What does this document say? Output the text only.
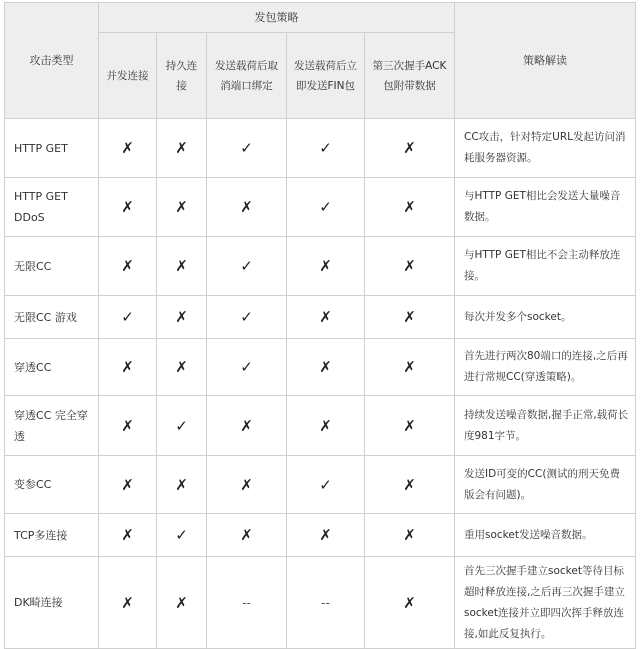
攻击类型	发包策略					策略解读
	并发连接	持久连接	发送载荷后取消端口绑定	发送载荷后立即发送FIN包	第三次握手ACK包附带数据	
HTTP GET	✗	✗	✓	✓	✗	CC攻击，针对特定URL发起访问消耗服务器资源。
HTTP GET DDoS	✗	✗	✗	✓	✗	与HTTP GET相比会发送大量噪音数据。
无限CC	✗	✗	✓	✗	✗	与HTTP GET相比不会主动释放连接。
无限CC 游戏	✓	✗	✓	✗	✗	每次并发多个socket。
穿透CC	✗	✗	✓	✗	✗	首先进行两次80端口的连接,之后再进行常规CC(穿透策略)。
穿透CC 完全穿透	✗	✓	✗	✗	✗	持续发送噪音数据,握手正常,载荷长度981字节。
变参CC	✗	✗	✗	✓	✗	发送ID可变的CC(测试的刑天免费版会有问题)。
TCP多连接	✗	✓	✗	✗	✗	重用socket发送噪音数据。
DK畸连接	✗	✗	--	--	✗	首先三次握手建立socket等待目标超时释放连接,之后再三次握手建立socket连接并立即四次挥手释放连接,如此反复执行。
